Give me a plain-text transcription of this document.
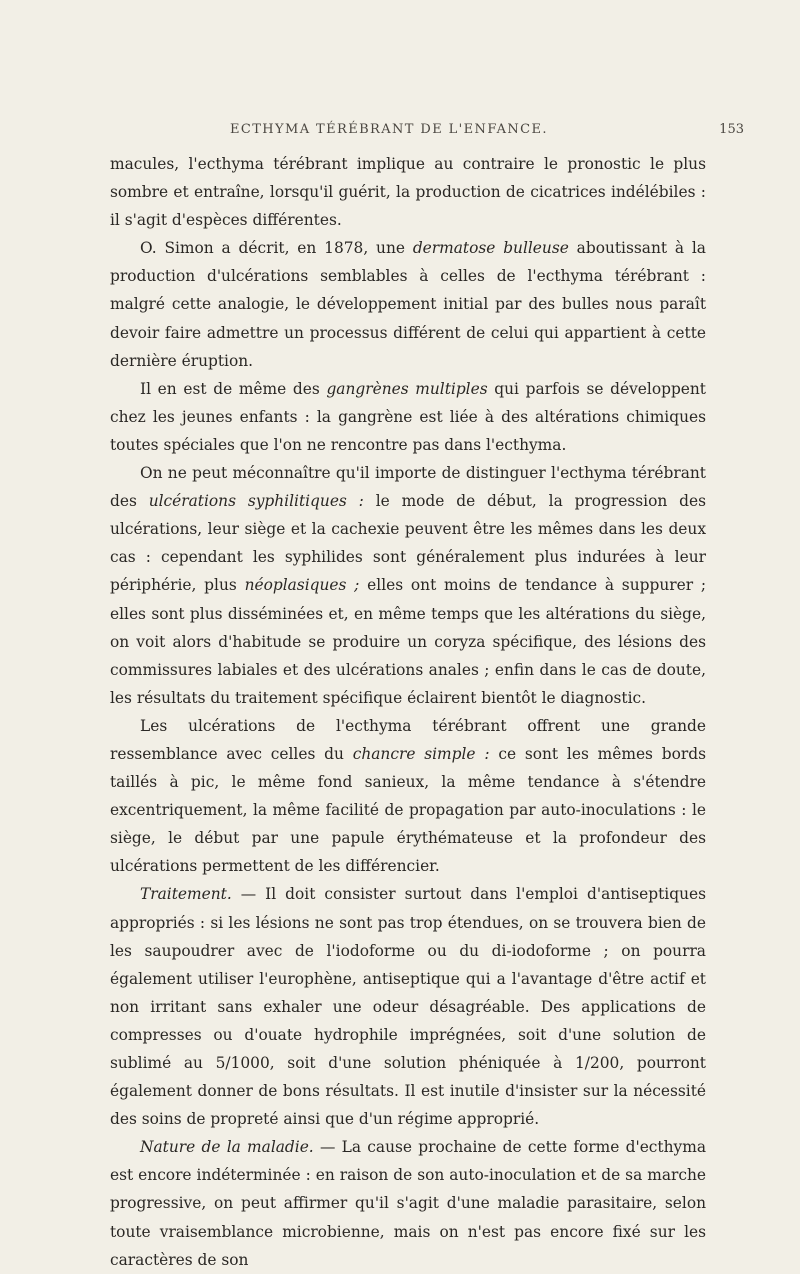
ECTHYMA TÉRÉBRANT DE L'ENFANCE.	153

macules, l'ecthyma térébrant implique au contraire le pronostic le plus sombre et entraîne, lorsqu'il guérit, la production de cicatrices indélébiles : il s'agit d'espèces différentes.

O. Simon a décrit, en 1878, une dermatose bulleuse aboutissant à la production d'ulcérations semblables à celles de l'ecthyma térébrant : malgré cette analogie, le développement initial par des bulles nous paraît devoir faire admettre un processus différent de celui qui appartient à cette dernière éruption.

Il en est de même des gangrènes multiples qui parfois se développent chez les jeunes enfants : la gangrène est liée à des altérations chimiques toutes spéciales que l'on ne rencontre pas dans l'ecthyma.

On ne peut méconnaître qu'il importe de distinguer l'ecthyma térébrant des ulcérations syphilitiques : le mode de début, la progression des ulcérations, leur siège et la cachexie peuvent être les mêmes dans les deux cas : cependant les syphilides sont généralement plus indurées à leur périphérie, plus néoplasiques ; elles ont moins de tendance à suppurer ; elles sont plus disséminées et, en même temps que les altérations du siège, on voit alors d'habitude se produire un coryza spécifique, des lésions des commissures labiales et des ulcérations anales ; enfin dans le cas de doute, les résultats du traitement spécifique éclairent bientôt le diagnostic.

Les ulcérations de l'ecthyma térébrant offrent une grande ressemblance avec celles du chancre simple : ce sont les mêmes bords taillés à pic, le même fond sanieux, la même tendance à s'étendre excentriquement, la même facilité de propagation par auto-inoculations : le siège, le début par une papule érythémateuse et la profondeur des ulcérations permettent de les différencier.

Traitement. — Il doit consister surtout dans l'emploi d'antiseptiques appropriés : si les lésions ne sont pas trop étendues, on se trouvera bien de les saupoudrer avec de l'iodoforme ou du di-iodoforme ; on pourra également utiliser l'europhène, antiseptique qui a l'avantage d'être actif et non irritant sans exhaler une odeur désagréable. Des applications de compresses ou d'ouate hydrophile imprégnées, soit d'une solution de sublimé au 5/1000, soit d'une solution phéniquée à 1/200, pourront également donner de bons résultats. Il est inutile d'insister sur la nécessité des soins de propreté ainsi que d'un régime approprié.

Nature de la maladie. — La cause prochaine de cette forme d'ecthyma est encore indéterminée : en raison de son auto-inoculation et de sa marche progressive, on peut affirmer qu'il s'agit d'une maladie parasitaire, selon toute vraisemblance microbienne, mais on n'est pas encore fixé sur les caractères de son
